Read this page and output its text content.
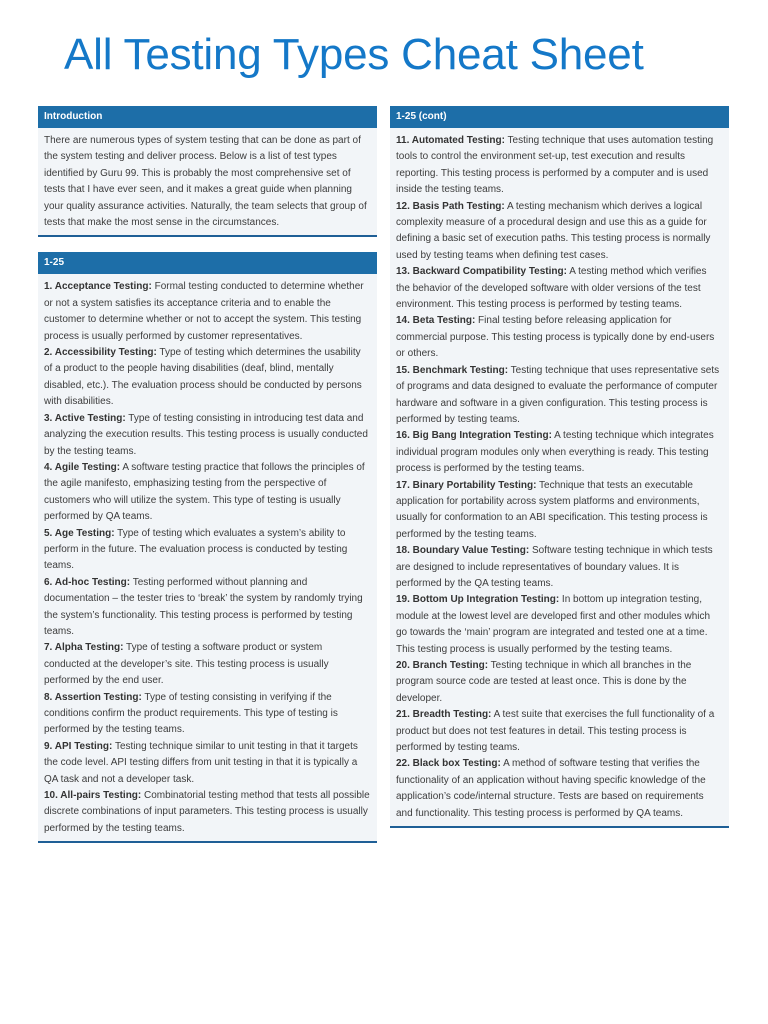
All Testing Types Cheat Sheet
Introduction
There are numerous types of system testing that can be done as part of the system testing and deliver process. Below is a list of test types identified by Guru 99. This is probably the most comprehensive set of tests that I have ever seen, and it makes a great guide when planning your quality assurance activities. Naturally, the team selects that group of tests that make the most sense in the circumstances.
1-25
1. Acceptance Testing: Formal testing conducted to determine whether or not a system satisfies its acceptance criteria and to enable the customer to determine whether or not to accept the system. This testing process is usually performed by customer representatives.
2. Accessibility Testing: Type of testing which determines the usability of a product to the people having disabilities (deaf, blind, mentally disabled, etc.). The evaluation process should be conducted by persons with disabilities.
3. Active Testing: Type of testing consisting in introducing test data and analyzing the execution results. This testing process is usually conducted by the testing teams.
4. Agile Testing: A software testing practice that follows the principles of the agile manifesto, emphasizing testing from the perspective of customers who will utilize the system. This type of testing is usually performed by QA teams.
5. Age Testing: Type of testing which evaluates a system’s ability to perform in the future. The evaluation process is conducted by testing teams.
6. Ad-hoc Testing: Testing performed without planning and documentation – the tester tries to ‘break’ the system by randomly trying the system’s functionality. This testing process is performed by testing teams.
7. Alpha Testing: Type of testing a software product or system conducted at the developer’s site. This testing process is usually performed by the end user.
8. Assertion Testing: Type of testing consisting in verifying if the conditions confirm the product requirements. This type of testing is performed by the testing teams.
9. API Testing: Testing technique similar to unit testing in that it targets the code level. API testing differs from unit testing in that it is typically a QA task and not a developer task.
10. All-pairs Testing: Combinatorial testing method that tests all possible discrete combinations of input parameters. This testing process is usually performed by the testing teams.
1-25 (cont)
11. Automated Testing: Testing technique that uses automation testing tools to control the environment set-up, test execution and results reporting. This testing process is performed by a computer and is used inside the testing teams.
12. Basis Path Testing: A testing mechanism which derives a logical complexity measure of a procedural design and use this as a guide for defining a basic set of execution paths. This testing process is normally used by testing teams when defining test cases.
13. Backward Compatibility Testing: A testing method which verifies the behavior of the developed software with older versions of the test environment. This testing process is performed by testing teams.
14. Beta Testing: Final testing before releasing application for commercial purpose. This testing process is typically done by end-users or others.
15. Benchmark Testing: Testing technique that uses representative sets of programs and data designed to evaluate the performance of computer hardware and software in a given configuration. This testing process is performed by testing teams.
16. Big Bang Integration Testing: A testing technique which integrates individual program modules only when everything is ready. This testing process is performed by the testing teams.
17. Binary Portability Testing: Technique that tests an executable application for portability across system platforms and environments, usually for conformation to an ABI specification. This testing process is performed by the testing teams.
18. Boundary Value Testing: Software testing technique in which tests are designed to include representatives of boundary values. It is performed by the QA testing teams.
19. Bottom Up Integration Testing: In bottom up integration testing, module at the lowest level are developed first and other modules which go towards the ‘main’ program are integrated and tested one at a time. This testing process is usually performed by the testing teams.
20. Branch Testing: Testing technique in which all branches in the program source code are tested at least once. This is done by the developer.
21. Breadth Testing: A test suite that exercises the full functionality of a product but does not test features in detail. This testing process is performed by testing teams.
22. Black box Testing: A method of software testing that verifies the functionality of an application without having specific knowledge of the application’s code/internal structure. Tests are based on requirements and functionality. This testing process is performed by QA teams.
